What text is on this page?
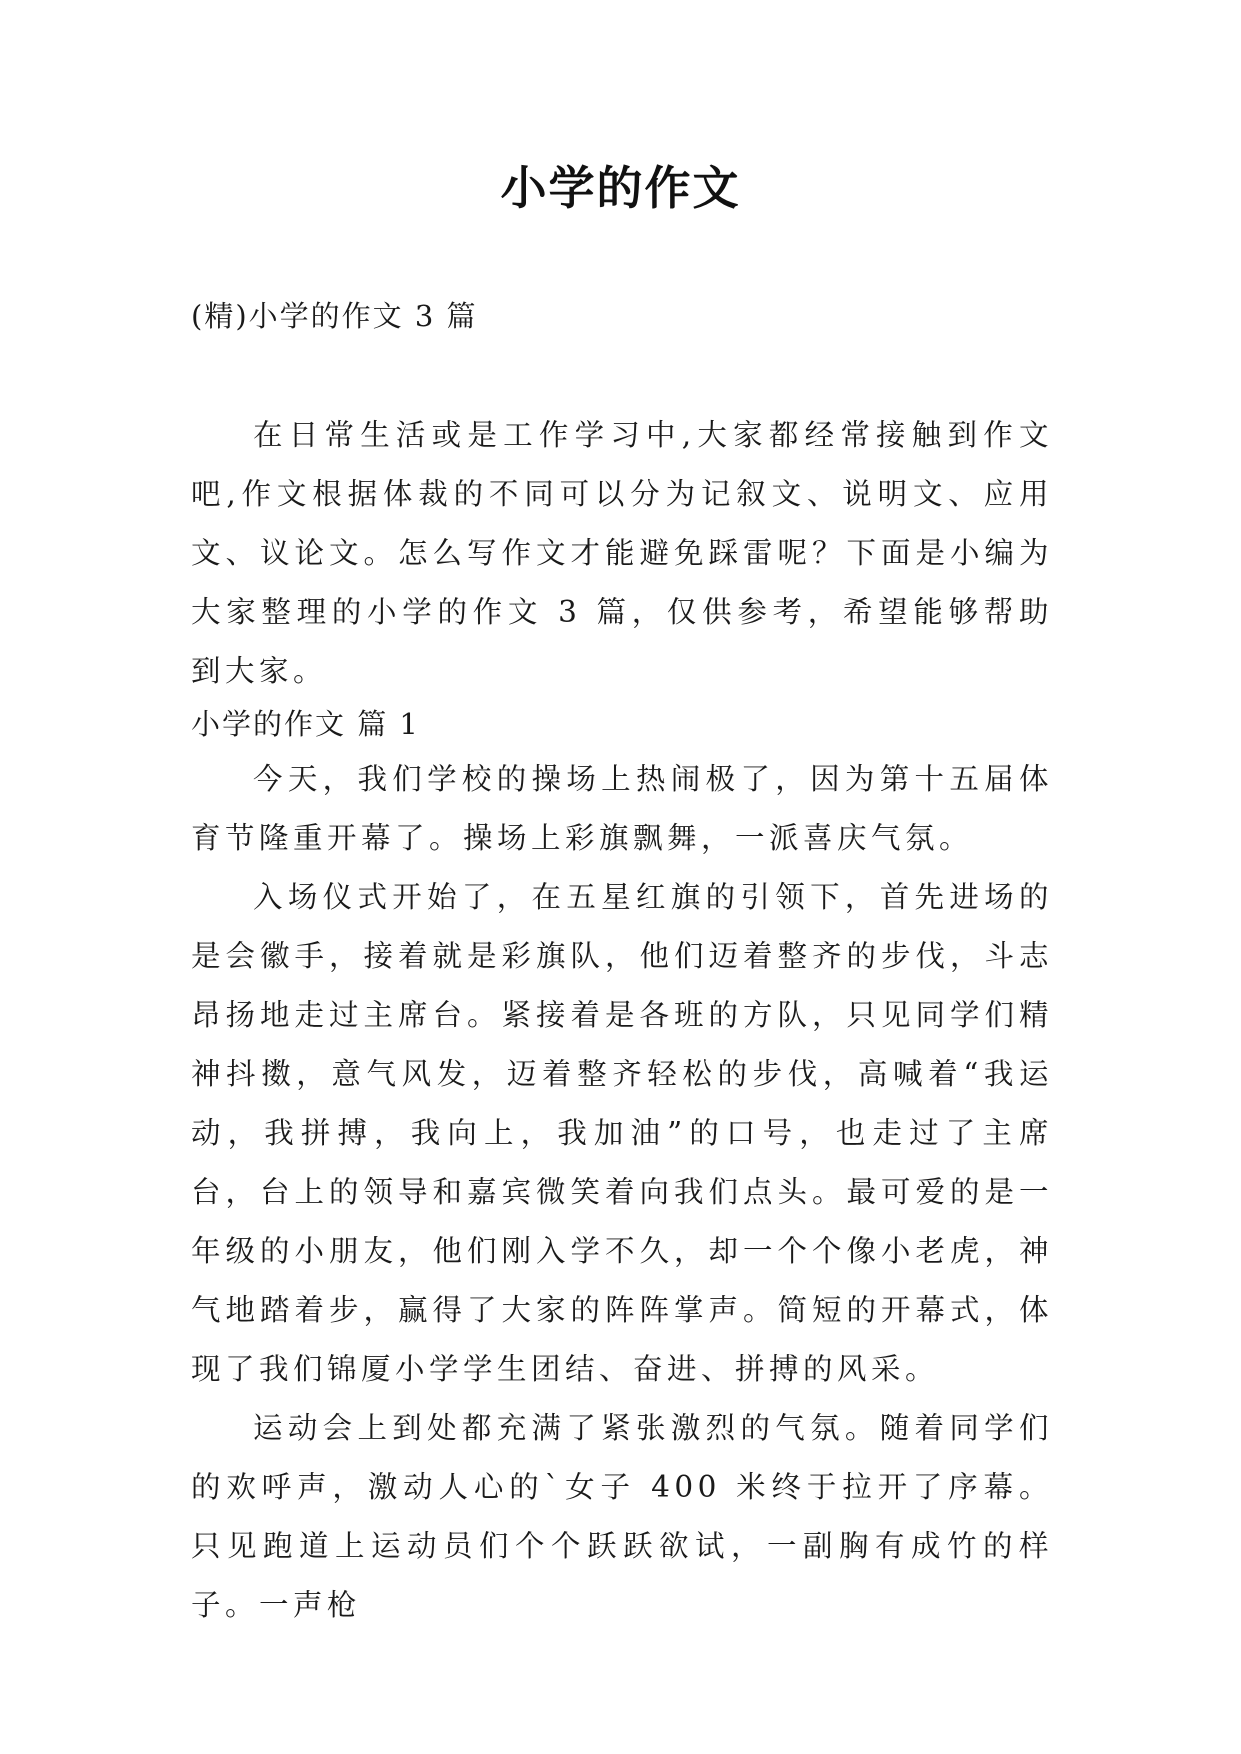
小学的作文

(精)小学的作文 3 篇

在日常生活或是工作学习中,大家都经常接触到作文吧,作文根据体裁的不同可以分为记叙文、说明文、应用文、议论文。怎么写作文才能避免踩雷呢？下面是小编为大家整理的小学的作文 3 篇，仅供参考，希望能够帮助到大家。

小学的作文 篇 1

今天，我们学校的操场上热闹极了，因为第十五届体育节隆重开幕了。操场上彩旗飘舞，一派喜庆气氛。

入场仪式开始了，在五星红旗的引领下，首先进场的是会徽手，接着就是彩旗队，他们迈着整齐的步伐，斗志昂扬地走过主席台。紧接着是各班的方队，只见同学们精神抖擞，意气风发，迈着整齐轻松的步伐，高喊着“我运动，我拼搏，我向上，我加油”的口号，也走过了主席台，台上的领导和嘉宾微笑着向我们点头。最可爱的是一年级的小朋友，他们刚入学不久，却一个个像小老虎，神气地踏着步，赢得了大家的阵阵掌声。简短的开幕式，体现了我们锦厦小学学生团结、奋进、拼搏的风采。

运动会上到处都充满了紧张激烈的气氛。随着同学们的欢呼声，激动人心的`女子 400 米终于拉开了序幕。只见跑道上运动员们个个跃跃欲试，一副胸有成竹的样子。一声枪
